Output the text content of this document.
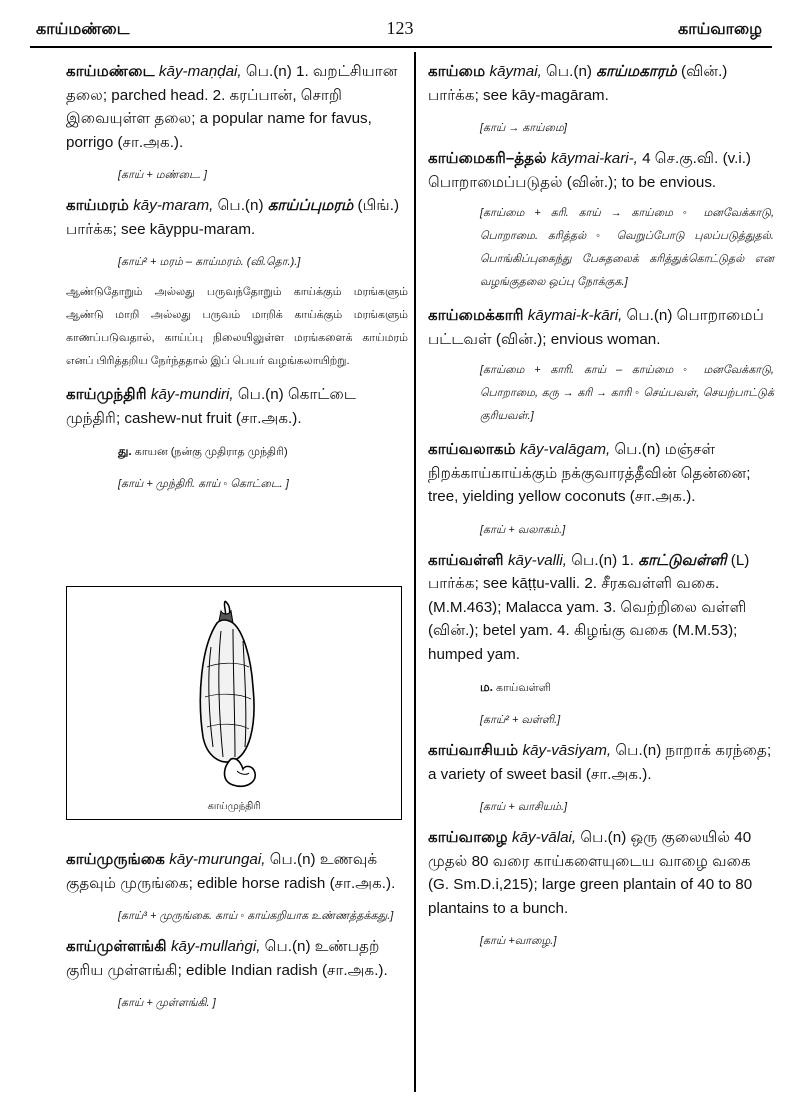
காய்மண்டை	123	காய்வாழை
காய்மண்டை kāy-maṇḍai, பெ.(n) 1. வறட்சியான தலை; parched head. 2. கரப்பான், சொறி இவையுள்ள தலை; a popular name for favus, porrigo (சா.அக.).
[காய் + மண்டை. ]
காய்மரம் kāy-maram, பெ.(n) காய்ப்புமரம் (பிங்.) பார்க்க; see kāyppu-maram.
[காய்² + மரம் – காய்மரம். (வி.தொ.).]
ஆண்டுதோறும் அல்லது பருவந்தோறும் காய்க்கும் மரங்களும் ஆண்டு மாறி அல்லது பருவம் மாறிக் காய்க்கும் மரங்களும் காணப்படுவதால், காய்ப்பு நிலையிலுள்ள மரங்களைக் காய்மரம் எனப் பிரித்தறிய நேர்ந்ததால் இப் பெயர் வழங்கலாயிற்று.
காய்முந்திரி kāy-mundiri, பெ.(n) கொட்டை முந்திரி; cashew-nut fruit (சா.அக.).
து. காயன (நன்கு முதிராத முந்திரி)
[காய் + முந்திரி. காய் ◦ கொட்டை. ]
காய்முந்திரி
காய்முருங்கை kāy-murungai, பெ.(n) உணவுக் குதவும் முருங்கை; edible horse radish (சா.அக.).
[காய்³ + முருங்கை. காய் ◦ காய்கறியாக உண்ணத்தக்கது.]
காய்முள்ளங்கி kāy-mullaṅgi, பெ.(n) உண்பதற் குரிய முள்ளங்கி; edible Indian radish (சா.அக.).
[காய் + முள்ளங்கி. ]
காய்மை kāymai, பெ.(n) காய்மகாரம் (வின்.) பார்க்க; see kāy-magāram.
[காய் → காய்மை]
காய்மைகரி–த்தல் kāymai-kari-, 4 செ.கு.வி. (v.i.) பொறாமைப்படுதல் (வின்.); to be envious.
[காய்மை + கரி. காய் → காய்மை ◦ மனவேக்காடு, பொறாமை. கரித்தல் ◦ வெறுப்போடு புலப்படுத்துதல். பொங்கிப்புகைந்து பேசுதலைக் கரித்துக்கொட்டுதல் என வழங்குதலை ஒப்பு நோக்குக.]
காய்மைக்காரி kāymai-k-kāri, பெ.(n) பொறாமைப் பட்டவள் (வின்.); envious woman.
[காய்மை + காரி. காய் – காய்மை ◦ மனவேக்காடு, பொறாமை, கரு → கரி → காரி ◦ செய்பவள், செயற்பாட்டுக் குரியவள்.]
காய்வலாகம் kāy-valāgam, பெ.(n) மஞ்சள் நிறக்காய்காய்க்கும் நக்குவாரத்தீவின் தென்னை; tree, yielding yellow coconuts (சா.அக.).
[காய் + வலாகம்.]
காய்வள்ளி kāy-valli, பெ.(n) 1. காட்டுவள்ளி (L) பார்க்க; see kāṭṭu-valli. 2. சீரகவள்ளி வகை. (M.M.463); Malacca yam. 3. வெற்றிலை வள்ளி (வின்.); betel yam. 4. கிழங்கு வகை (M.M.53); humped yam.
ம. காய்வள்ளி
[காய்² + வள்ளி.]
காய்வாசியம் kāy-vāsiyam, பெ.(n) நாறாக் கரந்தை; a variety of sweet basil (சா.அக.).
[காய் + வாசியம்.]
காய்வாழை kāy-vālai, பெ.(n) ஒரு குலையில் 40 முதல் 80 வரை காய்களையுடைய வாழை வகை (G. Sm.D.i,215); large green plantain of 40 to 80 plantains to a bunch.
[காய் +வாழை.]
